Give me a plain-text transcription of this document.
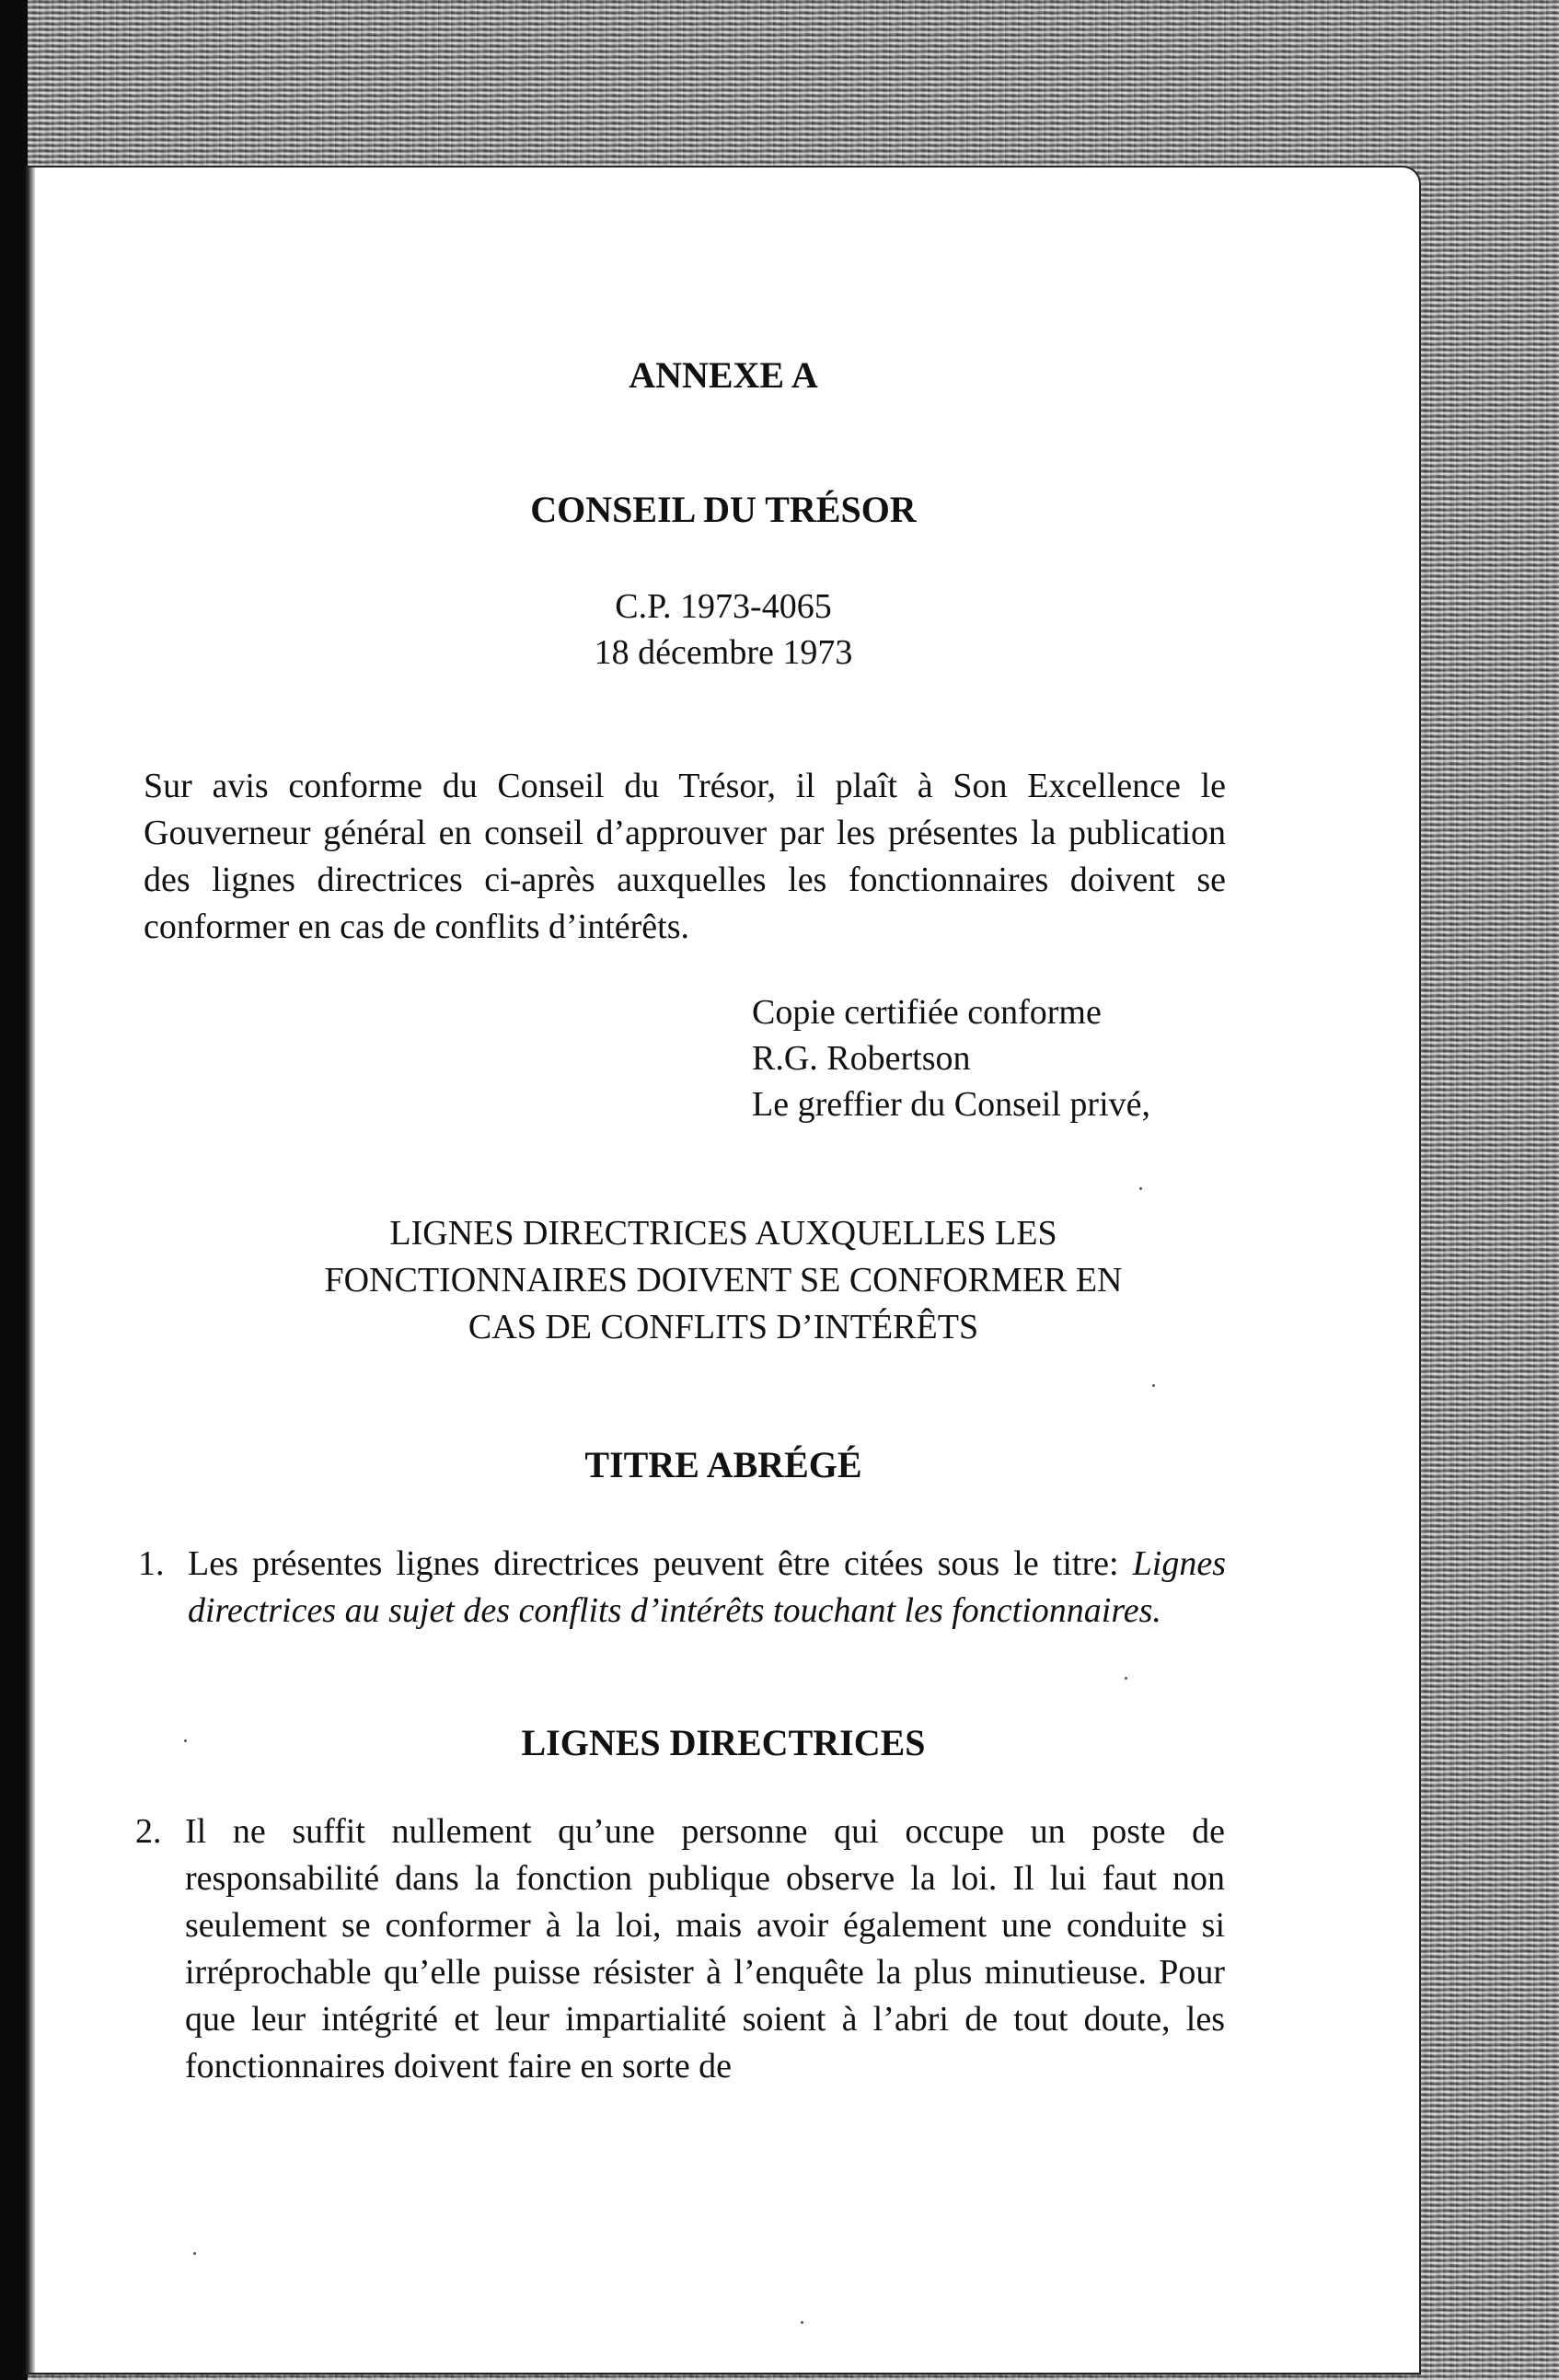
ANNEXE A
CONSEIL DU TRÉSOR
C.P. 1973-4065
18 décembre 1973
Sur avis conforme du Conseil du Trésor, il plaît à Son Excellence le Gouverneur général en conseil d’approuver par les présentes la publication des lignes directrices ci-après auxquelles les fonctionnaires doivent se conformer en cas de conflits d’intérêts.
Copie certifiée conforme
R.G. Robertson
Le greffier du Conseil privé,
LIGNES DIRECTRICES AUXQUELLES LES
FONCTIONNAIRES DOIVENT SE CONFORMER EN
CAS DE CONFLITS D’INTÉRÊTS
TITRE ABRÉGÉ
1. Les présentes lignes directrices peuvent être citées sous le titre: Lignes directrices au sujet des conflits d’intérêts touchant les fonctionnaires.
LIGNES DIRECTRICES
2. Il ne suffit nullement qu’une personne qui occupe un poste de responsabilité dans la fonction publique observe la loi. Il lui faut non seulement se conformer à la loi, mais avoir également une conduite si irréprochable qu’elle puisse résister à l’enquête la plus minutieuse. Pour que leur intégrité et leur impartialité soient à l’abri de tout doute, les fonctionnaires doivent faire en sorte de
